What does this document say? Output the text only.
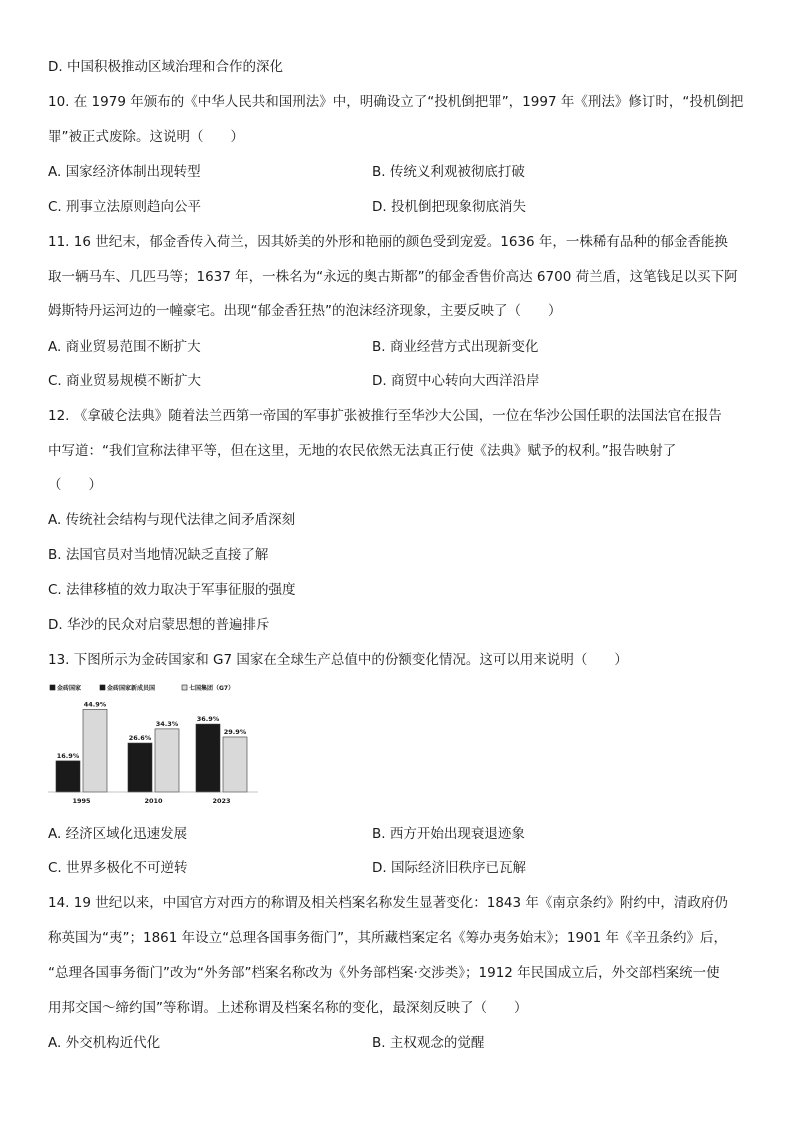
D. 中国积极推动区域治理和合作的深化
10. 在 1979 年颁布的《中华人民共和国刑法》中，明确设立了“投机倒把罪”，1997 年《刑法》修订时，“投机倒把
罪”被正式废除。这说明（　　）
A. 国家经济体制出现转型	B. 传统义利观被彻底打破
C. 刑事立法原则趋向公平	D. 投机倒把现象彻底消失
11. 16 世纪末，郁金香传入荷兰，因其娇美的外形和艳丽的颜色受到宠爱。1636 年，一株稀有品种的郁金香能换
取一辆马车、几匹马等；1637 年，一株名为“永远的奥古斯都”的郁金香售价高达 6700 荷兰盾，这笔钱足以买下阿
姆斯特丹运河边的一幢豪宅。出现“郁金香狂热”的泡沫经济现象，主要反映了（　　）
A. 商业贸易范围不断扩大	B. 商业经营方式出现新变化
C. 商业贸易规模不断扩大	D. 商贸中心转向大西洋沿岸
12. 《拿破仑法典》随着法兰西第一帝国的军事扩张被推行至华沙大公国，一位在华沙公国任职的法国法官在报告
中写道：“我们宣称法律平等，但在这里，无地的农民依然无法真正行使《法典》赋予的权利。”报告映射了
（　　）
A. 传统社会结构与现代法律之间矛盾深刻
B. 法国官员对当地情况缺乏直接了解
C. 法律移植的效力取决于军事征服的强度
D. 华沙的民众对启蒙思想的普遍排斥
13. 下图所示为金砖国家和 G7 国家在全球生产总值中的份额变化情况。这可以用来说明（　　）
金砖国家	金砖国家新成员国	七国集团（G7）
16.9%
44.9%
1995
26.6%
34.3%
2010
36.9%
29.9%
2023
A. 经济区域化迅速发展	B. 西方开始出现衰退迹象
C. 世界多极化不可逆转	D. 国际经济旧秩序已瓦解
14. 19 世纪以来，中国官方对西方的称谓及相关档案名称发生显著变化：1843 年《南京条约》附约中，清政府仍
称英国为“夷”；1861 年设立“总理各国事务衙门”，其所藏档案定名《筹办夷务始末》；1901 年《辛丑条约》后，
“总理各国事务衙门”改为“外务部”档案名称改为《外务部档案·交涉类》；1912 年民国成立后，外交部档案统一使
用邦交国～缔约国”等称谓。上述称谓及档案名称的变化，最深刻反映了（　　）
A. 外交机构近代化	B. 主权观念的觉醒
